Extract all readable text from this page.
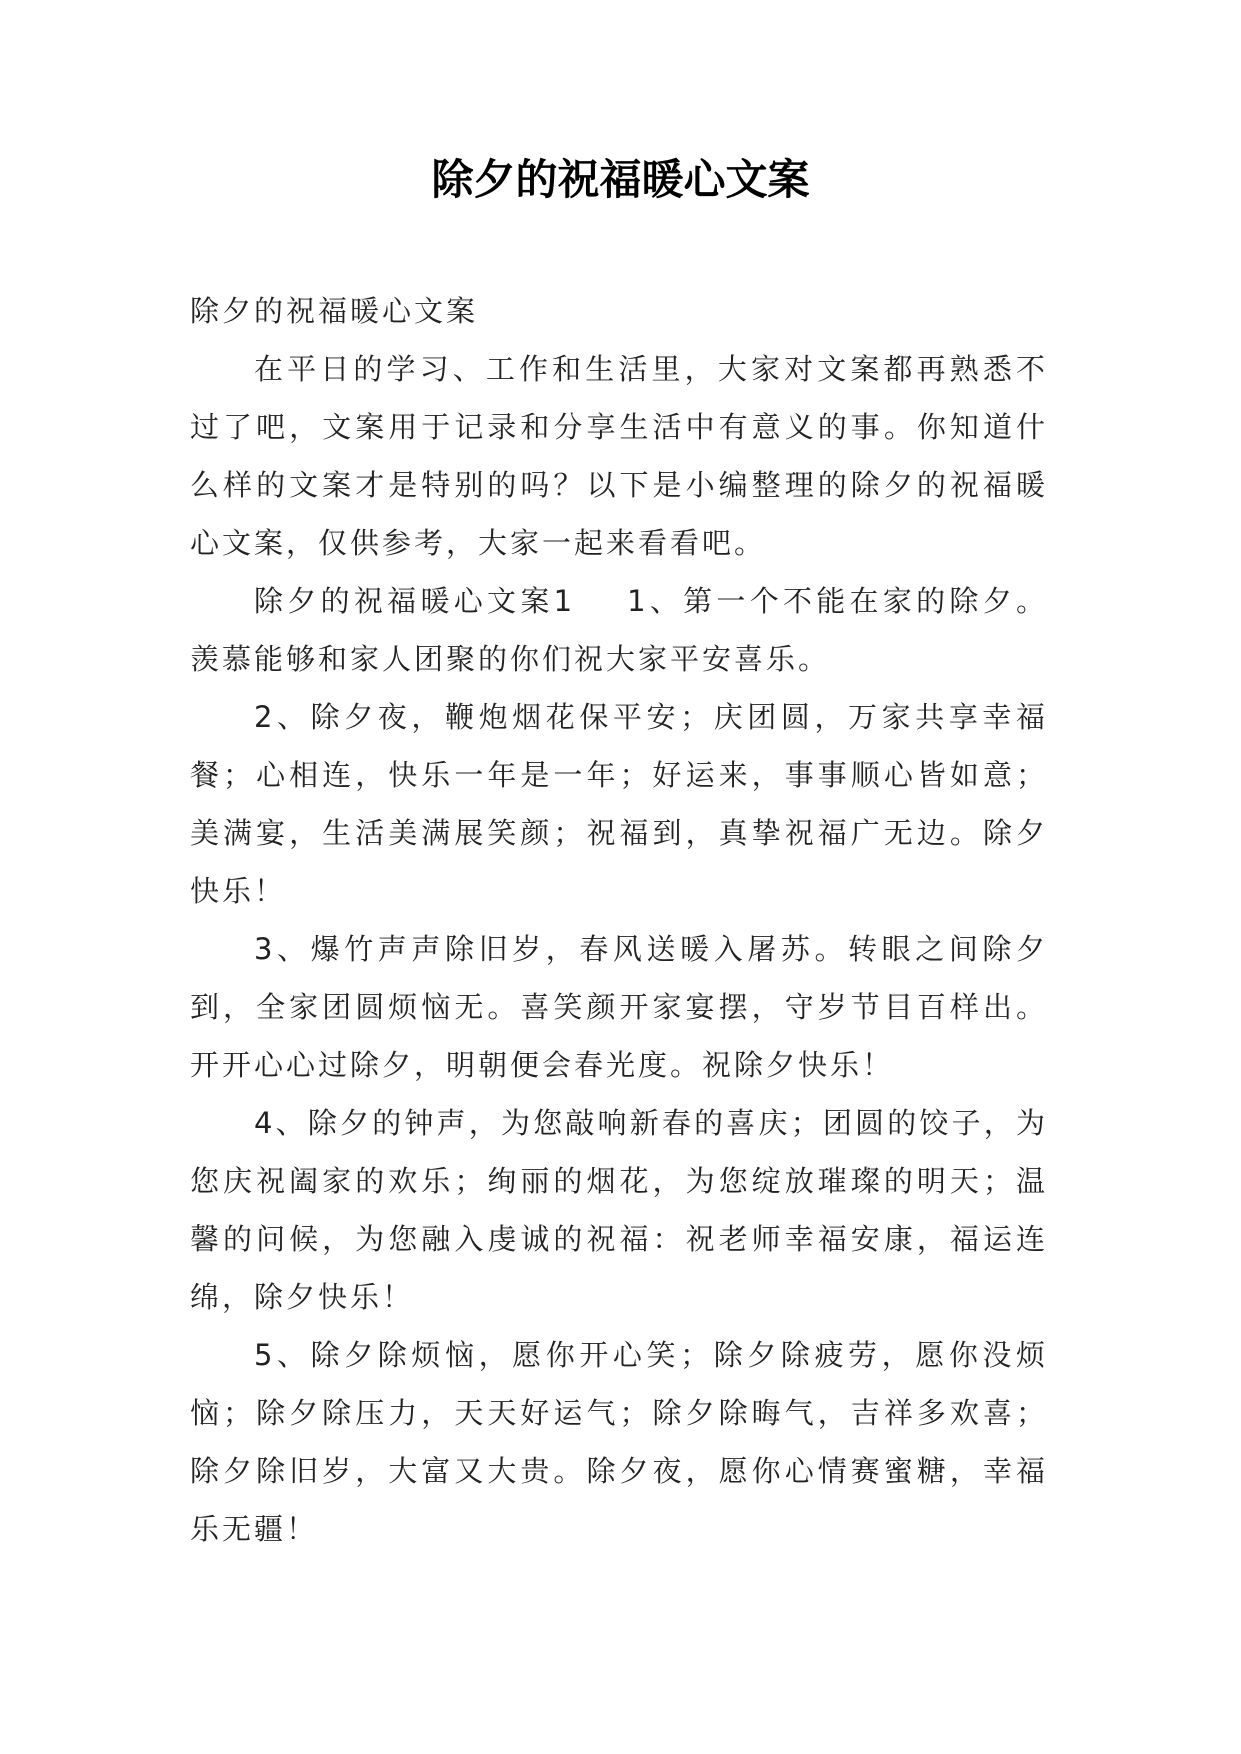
除夕的祝福暖心文案

除夕的祝福暖心文案

在平日的学习、工作和生活里，大家对文案都再熟悉不过了吧，文案用于记录和分享生活中有意义的事。你知道什么样的文案才是特别的吗？以下是小编整理的除夕的祝福暖心文案，仅供参考，大家一起来看看吧。

除夕的祝福暖心文案1 1、第一个不能在家的除夕。羡慕能够和家人团聚的你们祝大家平安喜乐。

2、除夕夜，鞭炮烟花保平安；庆团圆，万家共享幸福餐；心相连，快乐一年是一年；好运来，事事顺心皆如意；美满宴，生活美满展笑颜；祝福到，真挚祝福广无边。除夕快乐！

3、爆竹声声除旧岁，春风送暖入屠苏。转眼之间除夕到，全家团圆烦恼无。喜笑颜开家宴摆，守岁节目百样出。开开心心过除夕，明朝便会春光度。祝除夕快乐！

4、除夕的钟声，为您敲响新春的喜庆；团圆的饺子，为您庆祝阖家的欢乐；绚丽的烟花，为您绽放璀璨的明天；温馨的问候，为您融入虔诚的祝福：祝老师幸福安康，福运连绵，除夕快乐！

5、除夕除烦恼，愿你开心笑；除夕除疲劳，愿你没烦恼；除夕除压力，天天好运气；除夕除晦气，吉祥多欢喜；除夕除旧岁，大富又大贵。除夕夜，愿你心情赛蜜糖，幸福乐无疆！
